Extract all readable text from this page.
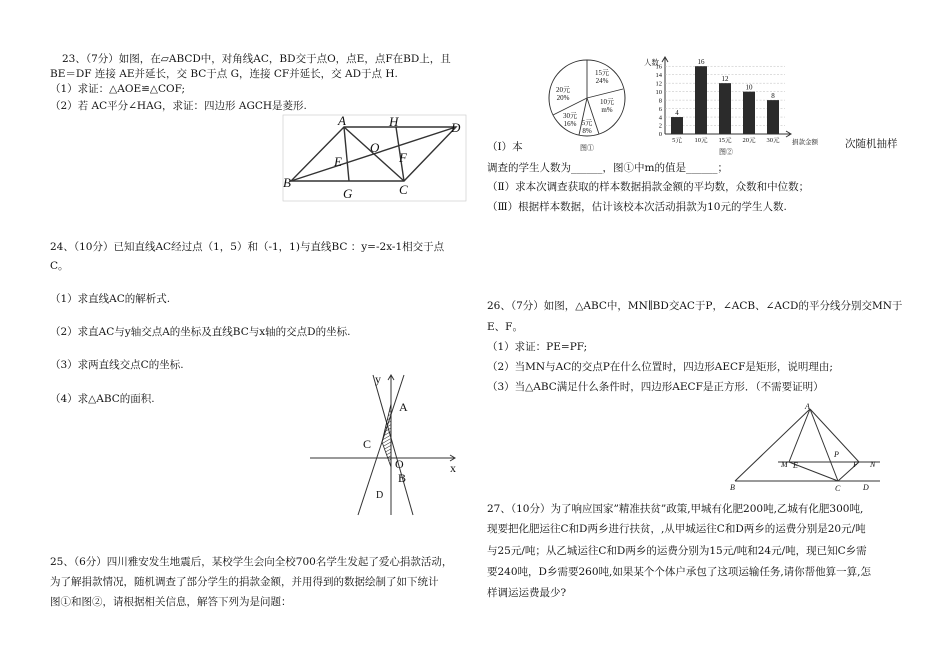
23、（7分）如图，在▱ABCD中，对角线AC，BD交于点O，点E，点F在BD上，且
BE＝DF 连接 AE并延长，交 BC于点 G，连接 CF并延长，交 AD于点 H.
（1）求证：△AOE≌△COF;
（2）若 AC平分∠HAG，求证：四边形 AGCH是菱形.
A	H	D
O
E	F
B
G	C
24、（10分）已知直线AC经过点（1，5）和（-1，1)与直线BC ：y=-2x-1相交于点
C。
（1）求直线AC的解析式.
（2）求直AC与y轴交点A的坐标及直线BC与x轴的交点D的坐标.
（3）求两直线交点C的坐标.
（4）求△ABC的面积.
y
x
A
C
O
B
D
25、（6分）四川雅安发生地震后，某校学生会向全校700名学生发起了爱心捐款活动，
为了解捐款情况，随机调查了部分学生的捐款金额，并用得到的数据绘制了如下统计
图①和图②，请根据相关信息，解答下列为是问题：
15元
24%
10元
m%
5元
8%
30元
16%
20元
20%
图①
0
2
4
6
8
10
12
14
16
5元 10元 15元 20元 30元
4
16
12
10
8
人数
捐款金额
图②
（Ⅰ）本	次随机抽样
调查的学生人数为______，图①中m的值是______；
（Ⅱ）求本次调查获取的样本数据捐款金额的平均数，众数和中位数；
（Ⅲ）根据样本数据，估计该校本次活动捐款为10元的学生人数.
26、（7分）如图，△ABC中，MN∥BD交AC于P，∠ACB、∠ACD的平分线分别交MN于
E、F。
（1）求证：PE=PF;
（2）当MN与AC的交点P在什么位置时，四边形AECF是矩形，说明理由;
（3）当△ABC满足什么条件时，四边形AECF是正方形．（不需要证明）
A
M E
P
F N
B	C	D
27、（10分）为了响应国家”精准扶贫”政策,甲城有化肥200吨,乙城有化肥300吨,
现要把化肥运往C和D两乡进行扶贫，,从甲城运往C和D两乡的运费分别是20元/吨
与25元/吨；从乙城运往C和D两乡的运费分别为15元/吨和24元/吨，现已知C乡需
要240吨，D乡需要260吨,如果某个个体户承包了这项运输任务,请你帮他算一算,怎
样调运运费最少?
